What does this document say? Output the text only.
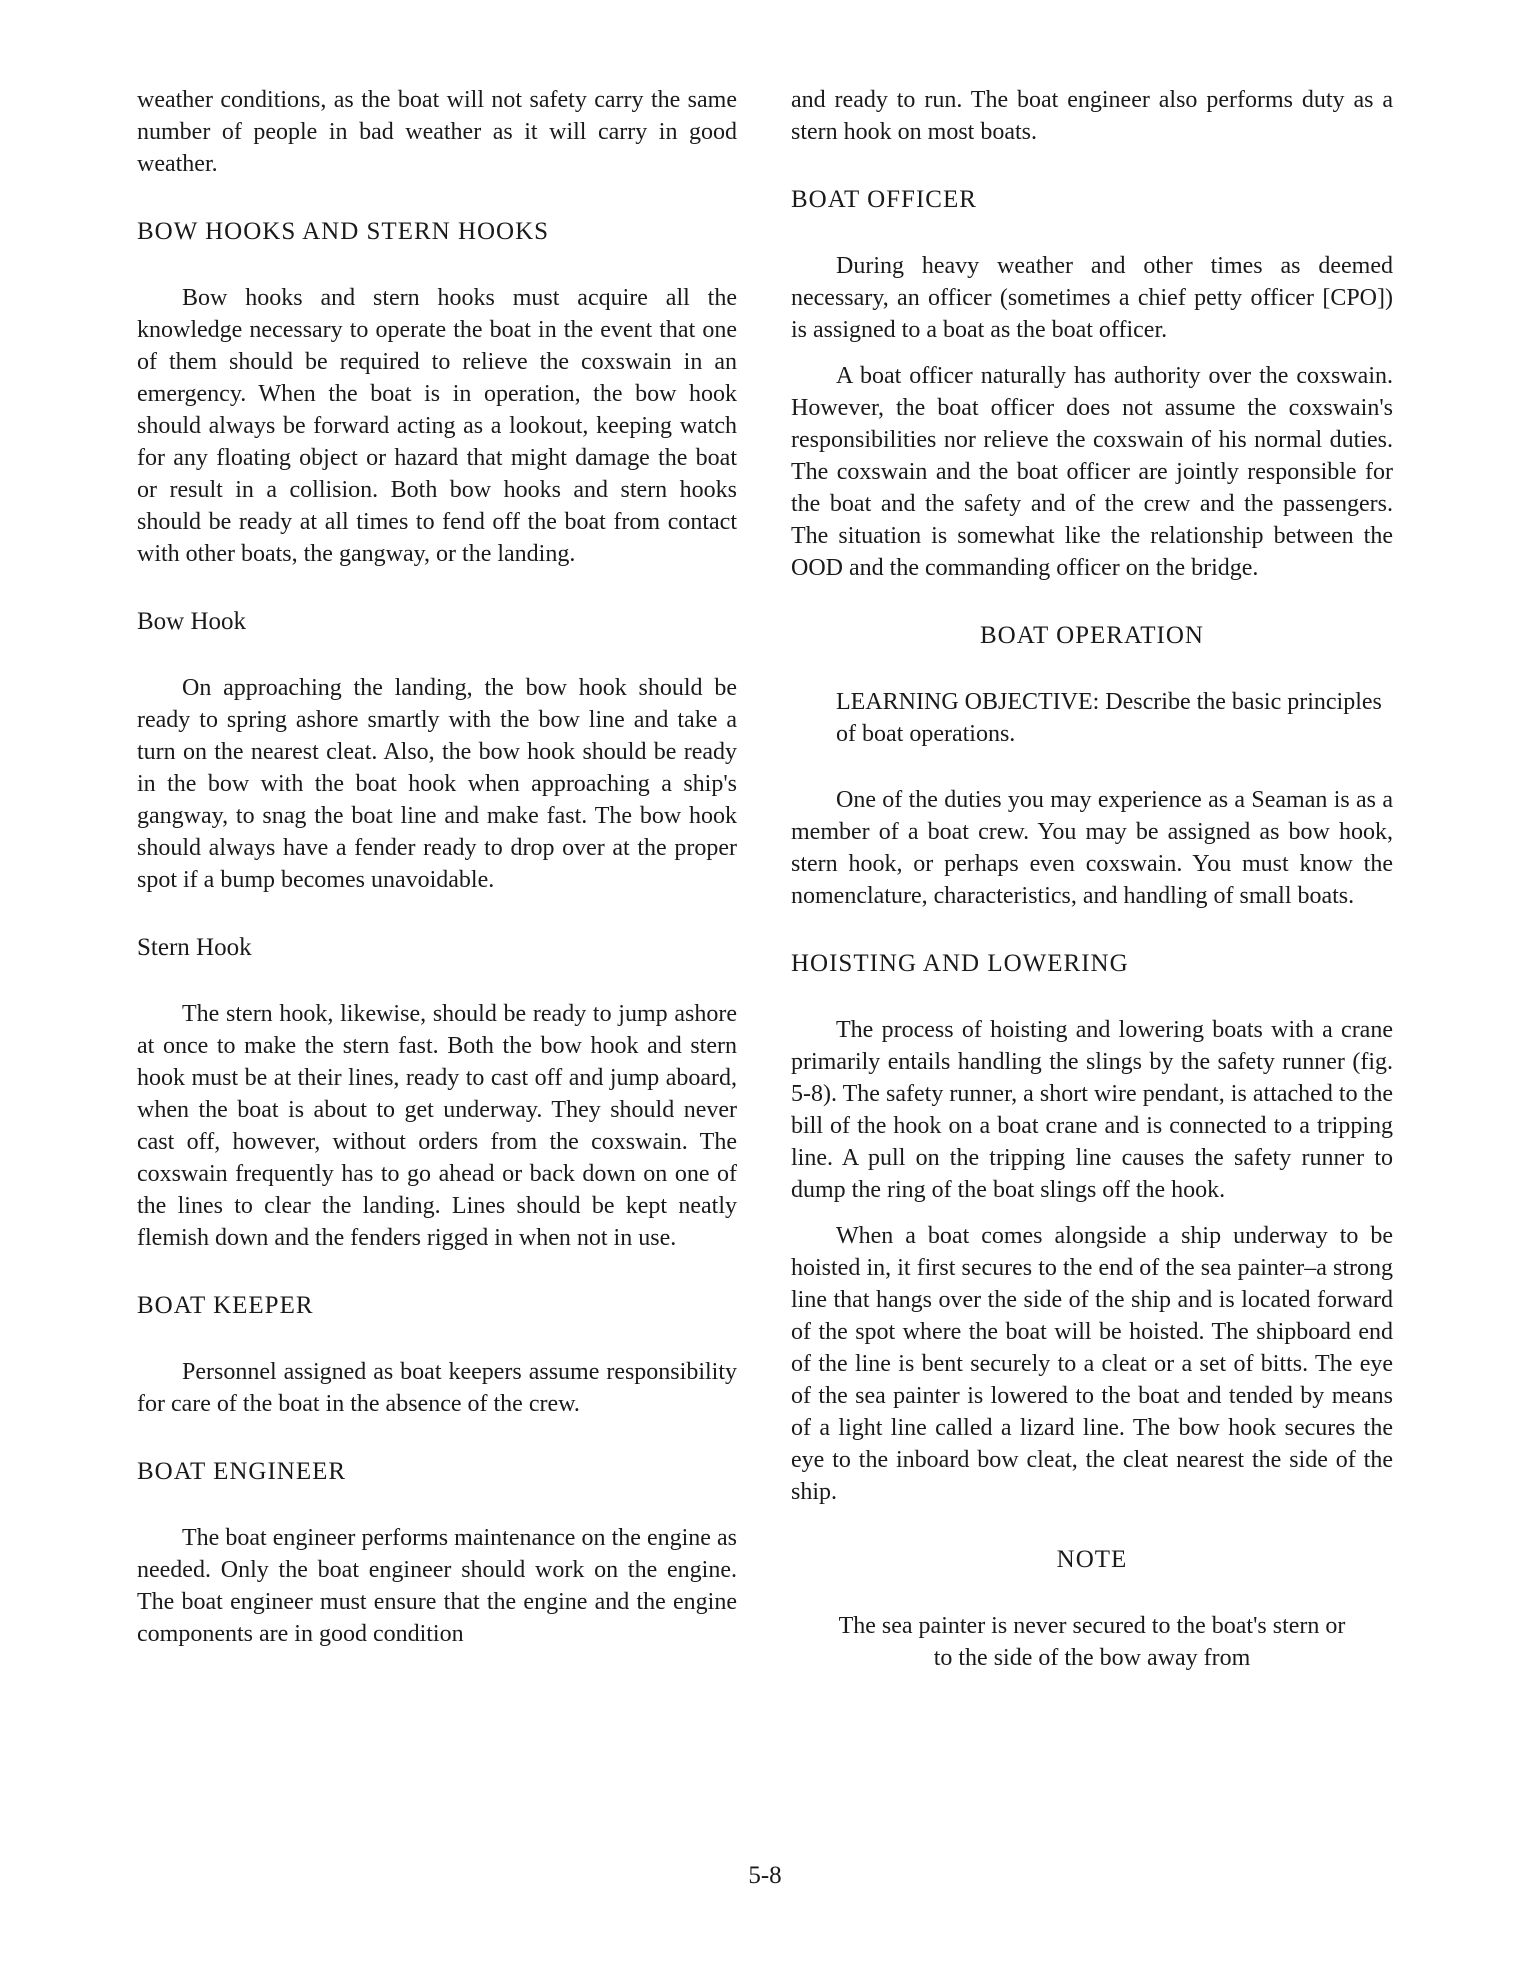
weather conditions, as the boat will not safety carry the same number of people in bad weather as it will carry in good weather.

BOW HOOKS AND STERN HOOKS

Bow hooks and stern hooks must acquire all the knowledge necessary to operate the boat in the event that one of them should be required to relieve the coxswain in an emergency. When the boat is in operation, the bow hook should always be forward acting as a lookout, keeping watch for any floating object or hazard that might damage the boat or result in a collision. Both bow hooks and stern hooks should be ready at all times to fend off the boat from contact with other boats, the gangway, or the landing.

Bow Hook

On approaching the landing, the bow hook should be ready to spring ashore smartly with the bow line and take a turn on the nearest cleat. Also, the bow hook should be ready in the bow with the boat hook when approaching a ship's gangway, to snag the boat line and make fast. The bow hook should always have a fender ready to drop over at the proper spot if a bump becomes unavoidable.

Stern Hook

The stern hook, likewise, should be ready to jump ashore at once to make the stern fast. Both the bow hook and stern hook must be at their lines, ready to cast off and jump aboard, when the boat is about to get underway. They should never cast off, however, without orders from the coxswain. The coxswain frequently has to go ahead or back down on one of the lines to clear the landing. Lines should be kept neatly flemish down and the fenders rigged in when not in use.

BOAT KEEPER

Personnel assigned as boat keepers assume responsibility for care of the boat in the absence of the crew.

BOAT ENGINEER

The boat engineer performs maintenance on the engine as needed. Only the boat engineer should work on the engine. The boat engineer must ensure that the engine and the engine components are in good condition

and ready to run. The boat engineer also performs duty as a stern hook on most boats.

BOAT OFFICER

During heavy weather and other times as deemed necessary, an officer (sometimes a chief petty officer [CPO]) is assigned to a boat as the boat officer.

A boat officer naturally has authority over the coxswain. However, the boat officer does not assume the coxswain's responsibilities nor relieve the coxswain of his normal duties. The coxswain and the boat officer are jointly responsible for the boat and the safety and of the crew and the passengers. The situation is somewhat like the relationship between the OOD and the commanding officer on the bridge.

BOAT OPERATION

LEARNING OBJECTIVE: Describe the basic principles of boat operations.

One of the duties you may experience as a Seaman is as a member of a boat crew. You may be assigned as bow hook, stern hook, or perhaps even coxswain. You must know the nomenclature, characteristics, and handling of small boats.

HOISTING AND LOWERING

The process of hoisting and lowering boats with a crane primarily entails handling the slings by the safety runner (fig. 5-8). The safety runner, a short wire pendant, is attached to the bill of the hook on a boat crane and is connected to a tripping line. A pull on the tripping line causes the safety runner to dump the ring of the boat slings off the hook.

When a boat comes alongside a ship underway to be hoisted in, it first secures to the end of the sea painter–a strong line that hangs over the side of the ship and is located forward of the spot where the boat will be hoisted. The shipboard end of the line is bent securely to a cleat or a set of bitts. The eye of the sea painter is lowered to the boat and tended by means of a light line called a lizard line. The bow hook secures the eye to the inboard bow cleat, the cleat nearest the side of the ship.

NOTE

The sea painter is never secured to the boat's stern or to the side of the bow away from

5-8
